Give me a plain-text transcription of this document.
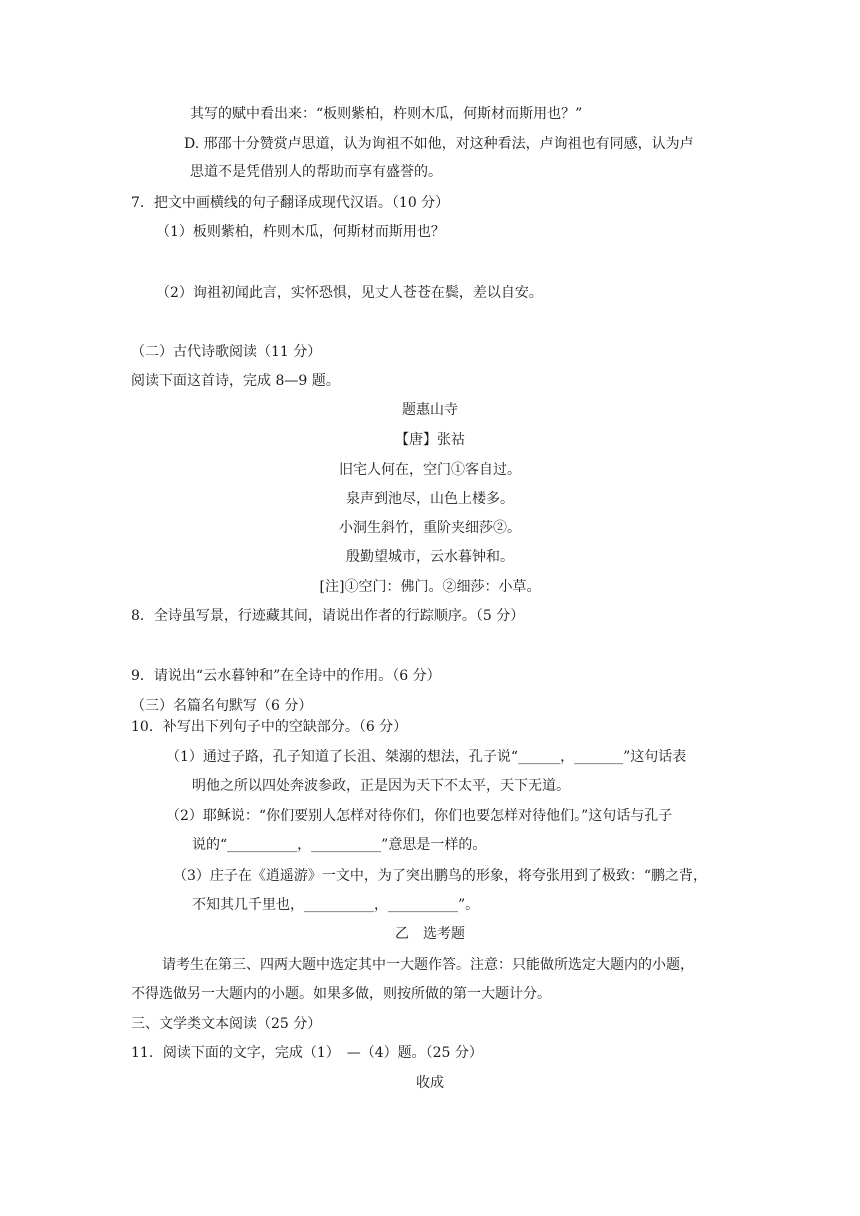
其写的赋中看出来：“板则紫柏，杵则木瓜，何斯材而斯用也？”
D. 邢邵十分赞赏卢思道，认为询祖不如他，对这种看法，卢询祖也有同感，认为卢
思道不是凭借别人的帮助而享有盛誉的。
7．把文中画横线的句子翻译成现代汉语。（10 分）
（1）板则紫柏，杵则木瓜，何斯材而斯用也？
（2）询祖初闻此言，实怀恐惧，见丈人苍苍在鬓，差以自安。
（二）古代诗歌阅读（11 分）
阅读下面这首诗，完成 8—9 题。
题惠山寺
【唐】张祜
旧宅人何在，空门①客自过。
泉声到池尽，山色上楼多。
小洞生斜竹，重阶夹细莎②。
殷勤望城市，云水暮钟和。
[注]①空门：佛门。②细莎：小草。
8．全诗虽写景，行迹藏其间，请说出作者的行踪顺序。（5 分）
9．请说出“云水暮钟和”在全诗中的作用。（6 分）
（三）名篇名句默写（6 分）
10．补写出下列句子中的空缺部分。（6 分）
（1）通过子路，孔子知道了长沮、桀溺的想法，孔子说“______，_______”这句话表
明他之所以四处奔波参政，正是因为天下不太平，天下无道。
（2）耶稣说：“你们要别人怎样对待你们，你们也要怎样对待他们。”这句话与孔子
说的“__________，__________”意思是一样的。
（3）庄子在《逍遥游》一文中，为了突出鹏鸟的形象，将夸张用到了极致：“鹏之背，
不知其几千里也，__________，__________”。
乙　选考题
请考生在第三、四两大题中选定其中一大题作答。注意：只能做所选定大题内的小题，
不得选做另一大题内的小题。如果多做，则按所做的第一大题计分。
三、文学类文本阅读（25 分）
11．阅读下面的文字，完成（1）　—（4）题。（25 分）
收成
